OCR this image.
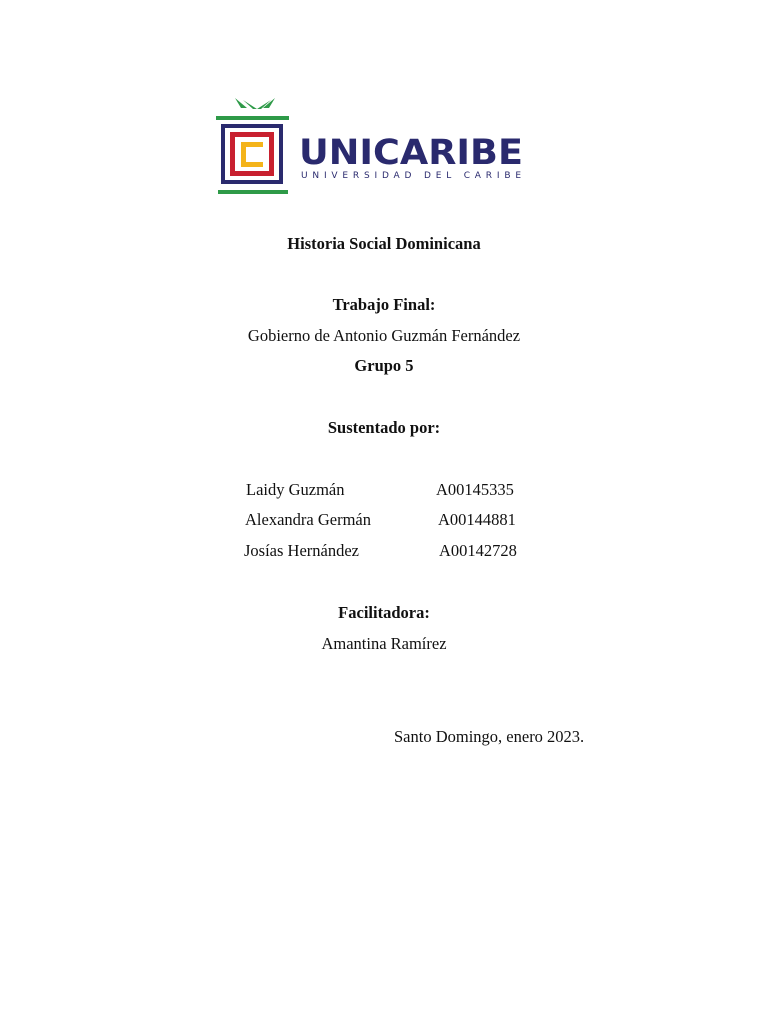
UNICARIBE
UNIVERSIDAD DEL CARIBE
Historia Social Dominicana
Trabajo Final:
Gobierno de Antonio Guzmán Fernández
Grupo 5
Sustentado por:
Laidy Guzmán	A00145335
Alexandra Germán	A00144881
Josías Hernández	A00142728
Facilitadora:
Amantina Ramírez
Santo Domingo, enero 2023.
